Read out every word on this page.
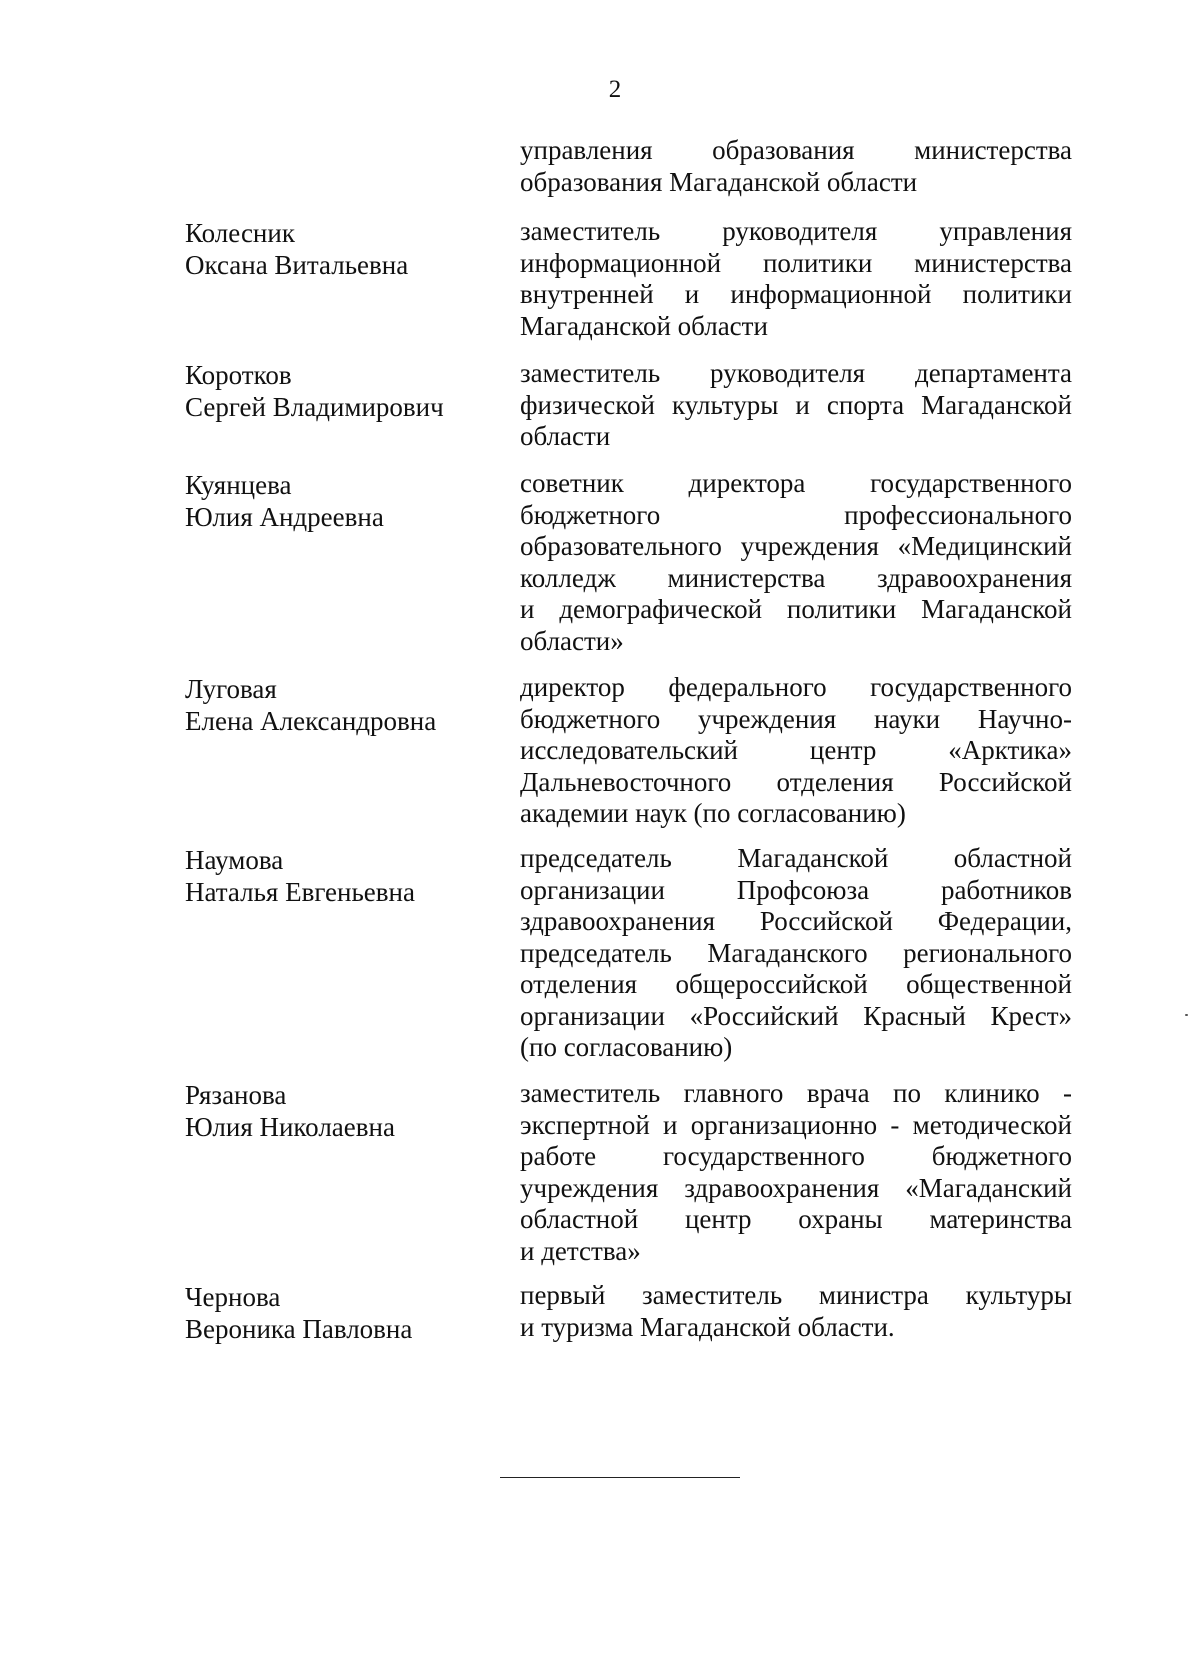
2
управления образования министерства
образования Магаданской области
Колесник
Оксана Витальевна
заместитель руководителя управления
информационной политики министерства
внутренней и информационной политики
Магаданской области
Коротков
Сергей Владимирович
заместитель руководителя департамента
физической культуры и спорта Магаданской
области
Куянцева
Юлия Андреевна
советник директора государственного
бюджетного профессионального
образовательного учреждения «Медицинский
колледж министерства здравоохранения
и демографической политики Магаданской
области»
Луговая
Елена Александровна
директор федерального государственного
бюджетного учреждения науки Научно-
исследовательский центр «Арктика»
Дальневосточного отделения Российской
академии наук (по согласованию)
Наумова
Наталья Евгеньевна
председатель Магаданской областной
организации Профсоюза работников
здравоохранения Российской Федерации,
председатель Магаданского регионального
отделения общероссийской общественной
организации «Российский Красный Крест»
(по согласованию)
Рязанова
Юлия Николаевна
заместитель главного врача по клинико -
экспертной и организационно - методической
работе государственного бюджетного
учреждения здравоохранения «Магаданский
областной центр охраны материнства
и детства»
Чернова
Вероника Павловна
первый заместитель министра культуры
и туризма Магаданской области.
